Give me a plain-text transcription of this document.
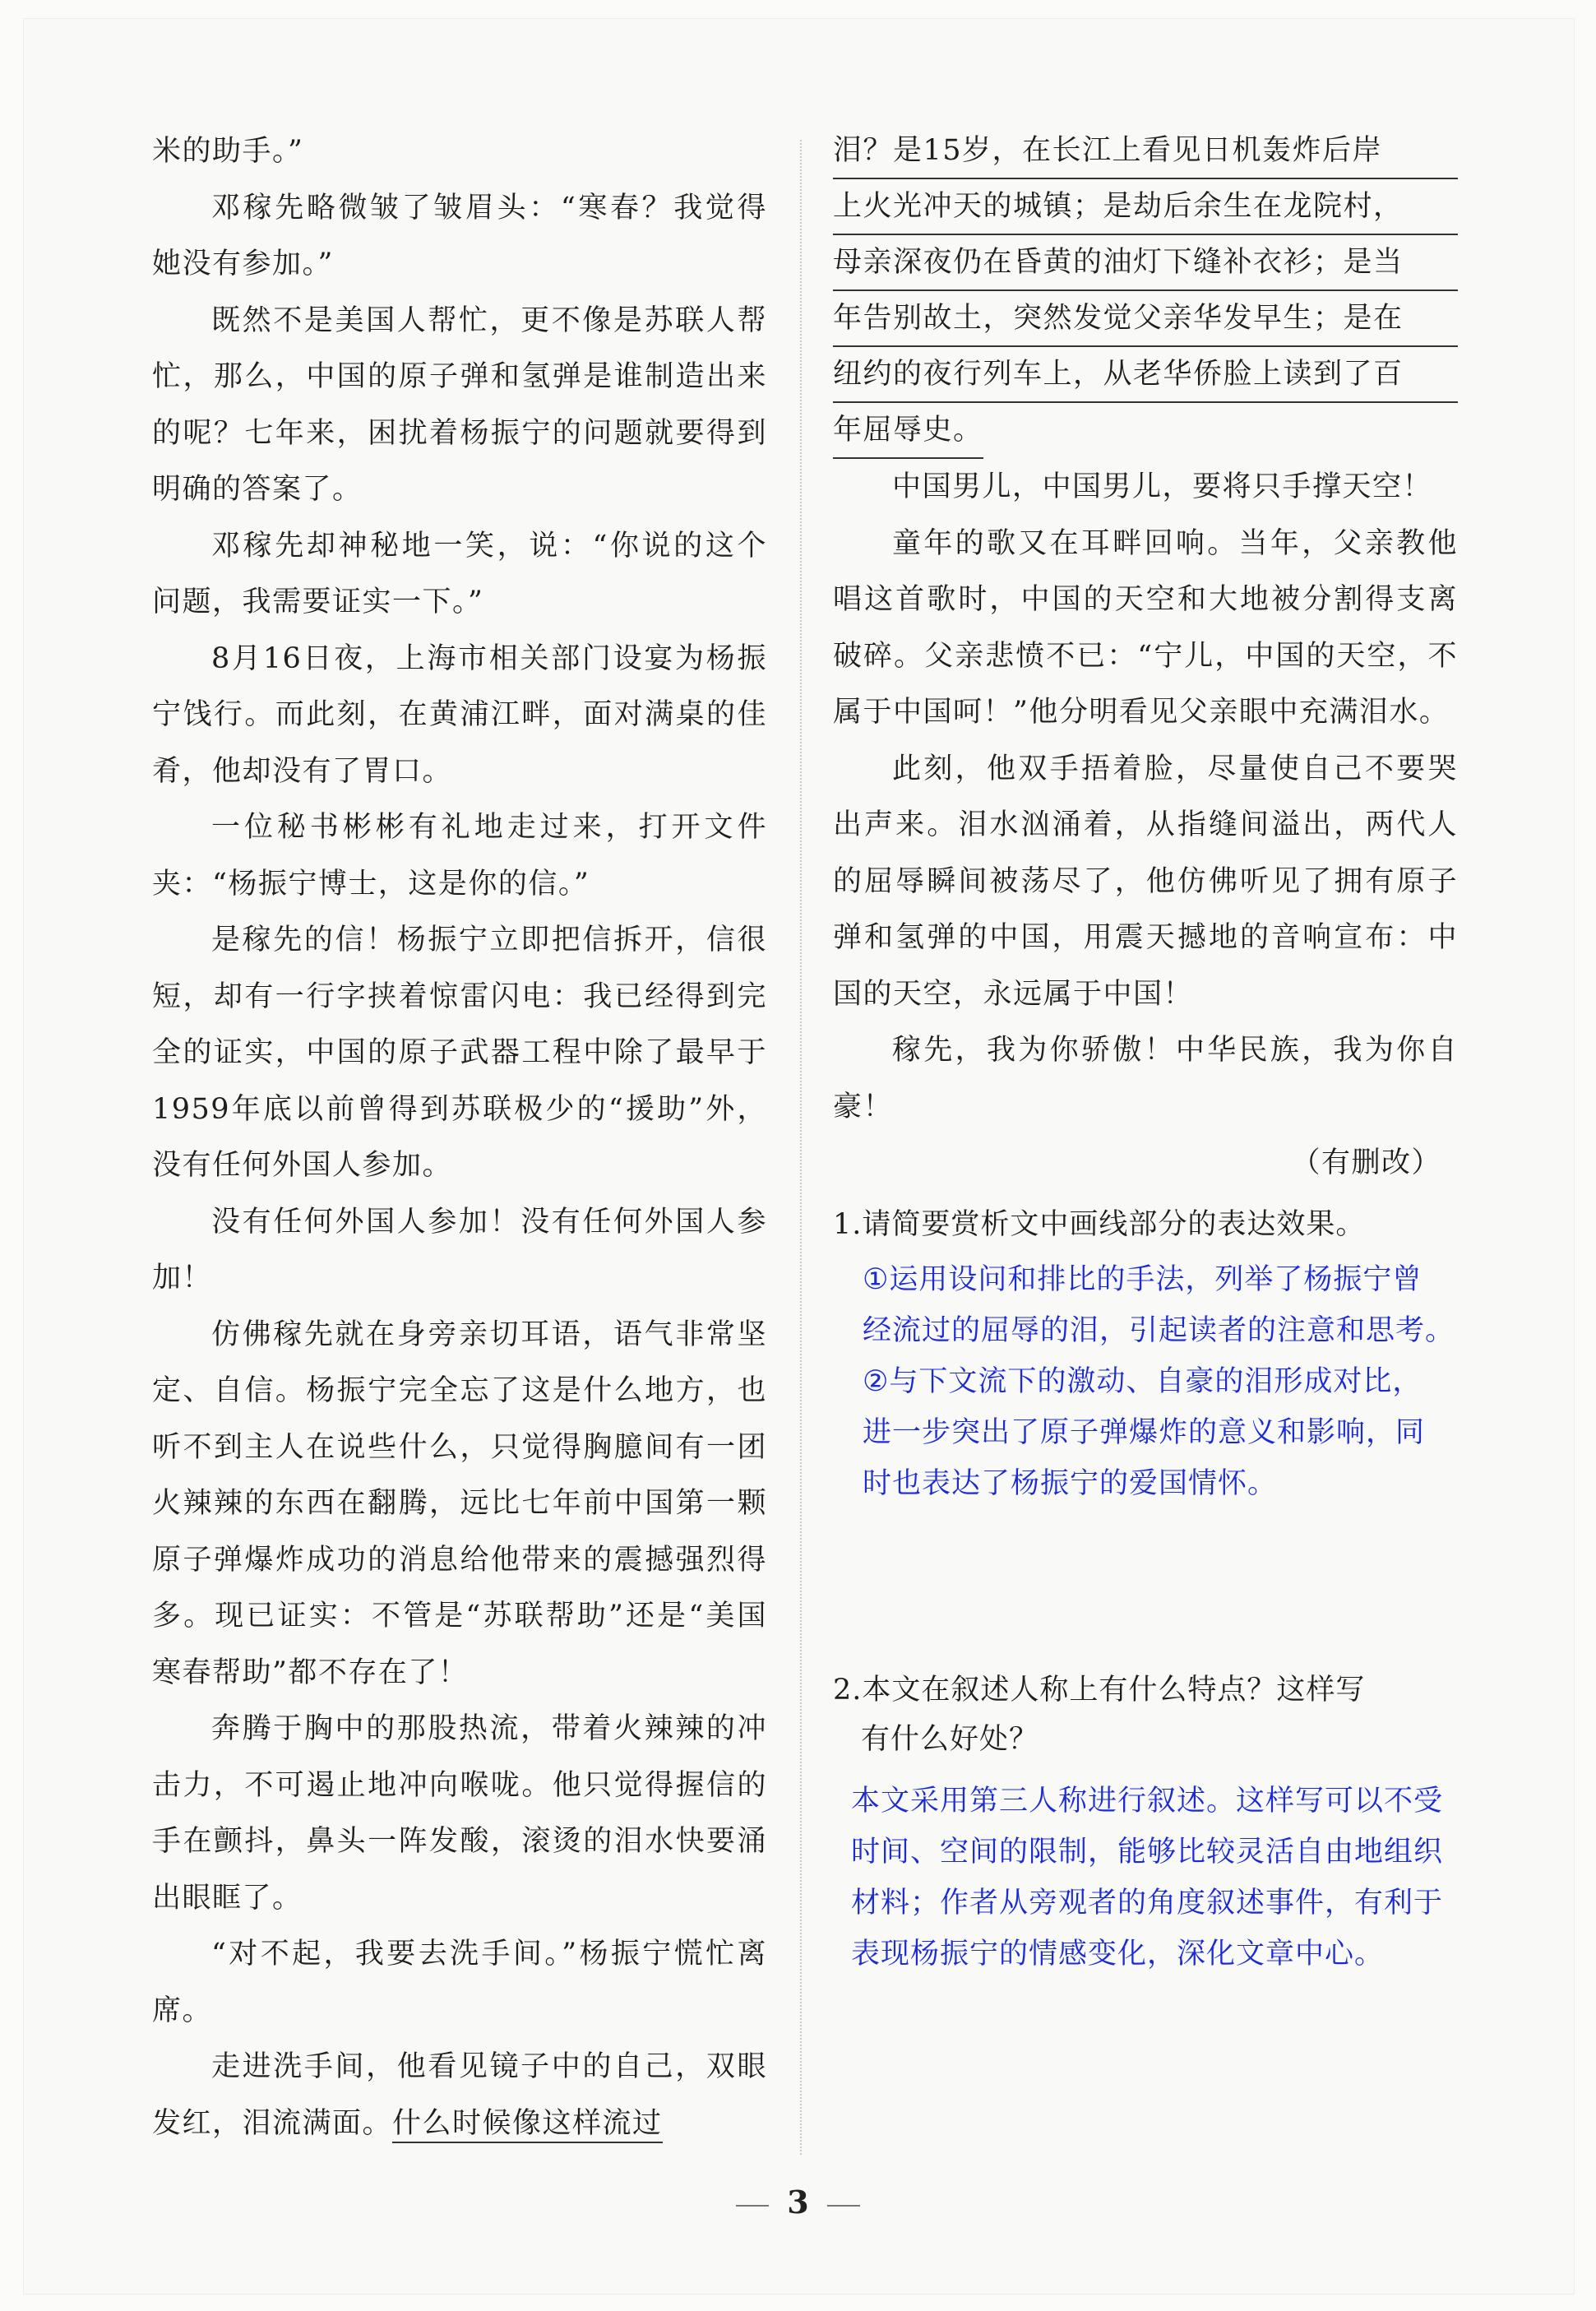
米的助手。”

邓稼先略微皱了皱眉头：“寒春？我觉得她没有参加。”

既然不是美国人帮忙，更不像是苏联人帮忙，那么，中国的原子弹和氢弹是谁制造出来的呢？七年来，困扰着杨振宁的问题就要得到明确的答案了。

邓稼先却神秘地一笑，说：“你说的这个问题，我需要证实一下。”

8月16日夜，上海市相关部门设宴为杨振宁饯行。而此刻，在黄浦江畔，面对满桌的佳肴，他却没有了胃口。

一位秘书彬彬有礼地走过来，打开文件夹：“杨振宁博士，这是你的信。”

是稼先的信！杨振宁立即把信拆开，信很短，却有一行字挟着惊雷闪电：我已经得到完全的证实，中国的原子武器工程中除了最早于1959年底以前曾得到苏联极少的“援助”外，没有任何外国人参加。

没有任何外国人参加！没有任何外国人参加！

仿佛稼先就在身旁亲切耳语，语气非常坚定、自信。杨振宁完全忘了这是什么地方，也听不到主人在说些什么，只觉得胸臆间有一团火辣辣的东西在翻腾，远比七年前中国第一颗原子弹爆炸成功的消息给他带来的震撼强烈得多。现已证实：不管是“苏联帮助”还是“美国寒春帮助”都不存在了！

奔腾于胸中的那股热流，带着火辣辣的冲击力，不可遏止地冲向喉咙。他只觉得握信的手在颤抖，鼻头一阵发酸，滚烫的泪水快要涌出眼眶了。

“对不起，我要去洗手间。”杨振宁慌忙离席。

走进洗手间，他看见镜子中的自己，双眼发红，泪流满面。什么时候像这样流过

泪？是15岁，在长江上看见日机轰炸后岸
上火光冲天的城镇；是劫后余生在龙院村，
母亲深夜仍在昏黄的油灯下缝补衣衫；是当
年告别故土，突然发觉父亲华发早生；是在
纽约的夜行列车上，从老华侨脸上读到了百
年屈辱史。

中国男儿，中国男儿，要将只手撑天空！

童年的歌又在耳畔回响。当年，父亲教他唱这首歌时，中国的天空和大地被分割得支离破碎。父亲悲愤不已：“宁儿，中国的天空，不属于中国呵！”他分明看见父亲眼中充满泪水。

此刻，他双手捂着脸，尽量使自己不要哭出声来。泪水汹涌着，从指缝间溢出，两代人的屈辱瞬间被荡尽了，他仿佛听见了拥有原子弹和氢弹的中国，用震天撼地的音响宣布：中国的天空，永远属于中国！

稼先，我为你骄傲！中华民族，我为你自豪！

（有删改）

1.请简要赏析文中画线部分的表达效果。
①运用设问和排比的手法，列举了杨振宁曾
经流过的屈辱的泪，引起读者的注意和思考。
②与下文流下的激动、自豪的泪形成对比，
进一步突出了原子弹爆炸的意义和影响，同
时也表达了杨振宁的爱国情怀。
2.本文在叙述人称上有什么特点？这样写
有什么好处？
本文采用第三人称进行叙述。这样写可以不受
时间、空间的限制，能够比较灵活自由地组织
材料；作者从旁观者的角度叙述事件，有利于
表现杨振宁的情感变化，深化文章中心。
3
